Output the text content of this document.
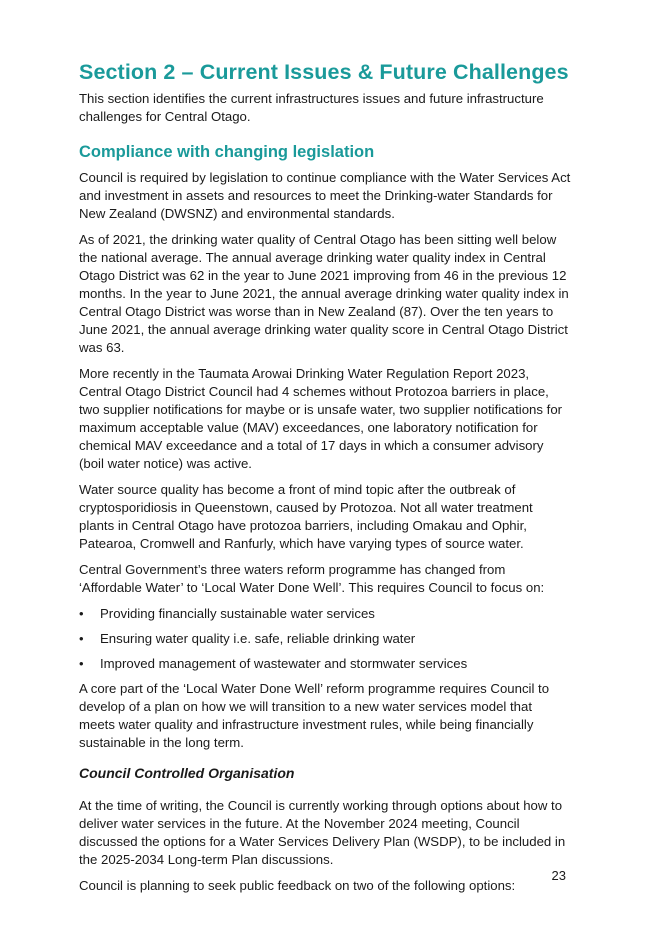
Section 2 – Current Issues & Future Challenges

This section identifies the current infrastructures issues and future infrastructure challenges for Central Otago.

Compliance with changing legislation

Council is required by legislation to continue compliance with the Water Services Act and investment in assets and resources to meet the Drinking-water Standards for New Zealand (DWSNZ) and environmental standards.

As of 2021, the drinking water quality of Central Otago has been sitting well below the national average. The annual average drinking water quality index in Central Otago District was 62 in the year to June 2021 improving from 46 in the previous 12 months. In the year to June 2021, the annual average drinking water quality index in Central Otago District was worse than in New Zealand (87). Over the ten years to June 2021, the annual average drinking water quality score in Central Otago District was 63.

More recently in the Taumata Arowai Drinking Water Regulation Report 2023, Central Otago District Council had 4 schemes without Protozoa barriers in place, two supplier notifications for maybe or is unsafe water, two supplier notifications for maximum acceptable value (MAV) exceedances, one laboratory notification for chemical MAV exceedance and a total of 17 days in which a consumer advisory (boil water notice) was active.

Water source quality has become a front of mind topic after the outbreak of cryptosporidiosis in Queenstown, caused by Protozoa. Not all water treatment plants in Central Otago have protozoa barriers, including Omakau and Ophir, Patearoa, Cromwell and Ranfurly, which have varying types of source water.

Central Government’s three waters reform programme has changed from ‘Affordable Water’ to ‘Local Water Done Well’. This requires Council to focus on:

• Providing financially sustainable water services
• Ensuring water quality i.e. safe, reliable drinking water
• Improved management of wastewater and stormwater services

A core part of the ‘Local Water Done Well’ reform programme requires Council to develop of a plan on how we will transition to a new water services model that meets water quality and infrastructure investment rules, while being financially sustainable in the long term.

Council Controlled Organisation

At the time of writing, the Council is currently working through options about how to deliver water services in the future. At the November 2024 meeting, Council discussed the options for a Water Services Delivery Plan (WSDP), to be included in the 2025-2034 Long-term Plan discussions.

Council is planning to seek public feedback on two of the following options:

23
